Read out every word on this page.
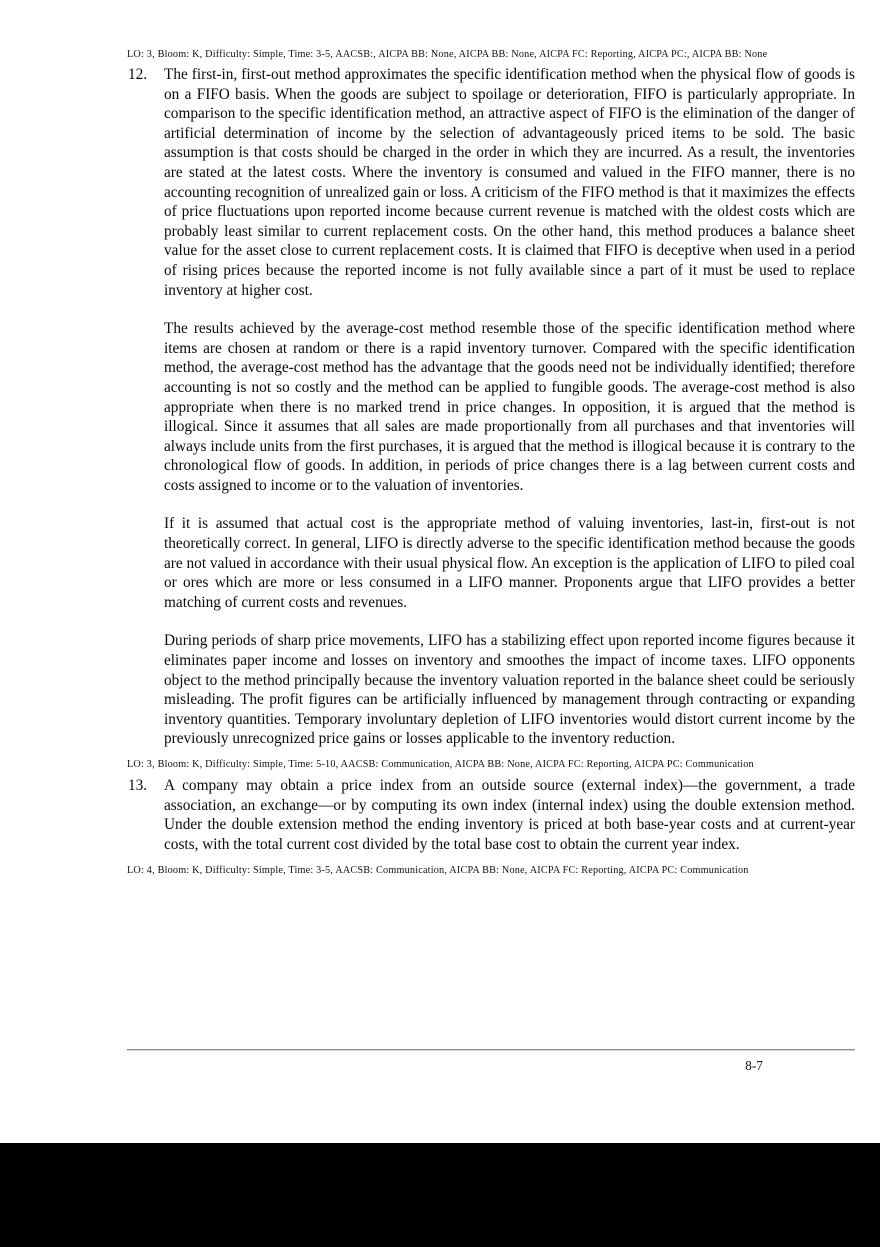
LO: 3, Bloom: K, Difficulty: Simple, Time: 3-5, AACSB:, AICPA BB: None, AICPA BB: None, AICPA FC: Reporting, AICPA PC:, AICPA BB: None
12.	The first-in, first-out method approximates the specific identification method when the physical flow of goods is on a FIFO basis. When the goods are subject to spoilage or deterioration, FIFO is particularly appropriate. In comparison to the specific identification method, an attractive aspect of FIFO is the elimination of the danger of artificial determination of income by the selection of advantageously priced items to be sold. The basic assumption is that costs should be charged in the order in which they are incurred. As a result, the inventories are stated at the latest costs. Where the inventory is consumed and valued in the FIFO manner, there is no accounting recognition of unrealized gain or loss. A criticism of the FIFO method is that it maximizes the effects of price fluctuations upon reported income because current revenue is matched with the oldest costs which are probably least similar to current replacement costs. On the other hand, this method produces a balance sheet value for the asset close to current replacement costs. It is claimed that FIFO is deceptive when used in a period of rising prices because the reported income is not fully available since a part of it must be used to replace inventory at higher cost.

The results achieved by the average-cost method resemble those of the specific identification method where items are chosen at random or there is a rapid inventory turnover. Compared with the specific identification method, the average-cost method has the advantage that the goods need not be individually identified; therefore accounting is not so costly and the method can be applied to fungible goods. The average-cost method is also appropriate when there is no marked trend in price changes. In opposition, it is argued that the method is illogical. Since it assumes that all sales are made proportionally from all purchases and that inventories will always include units from the first purchases, it is argued that the method is illogical because it is contrary to the chronological flow of goods. In addition, in periods of price changes there is a lag between current costs and costs assigned to income or to the valuation of inventories.

If it is assumed that actual cost is the appropriate method of valuing inventories, last-in, first-out is not theoretically correct. In general, LIFO is directly adverse to the specific identification method because the goods are not valued in accordance with their usual physical flow. An exception is the application of LIFO to piled coal or ores which are more or less consumed in a LIFO manner. Proponents argue that LIFO provides a better matching of current costs and revenues.

During periods of sharp price movements, LIFO has a stabilizing effect upon reported income figures because it eliminates paper income and losses on inventory and smoothes the impact of income taxes. LIFO opponents object to the method principally because the inventory valuation reported in the balance sheet could be seriously misleading. The profit figures can be artificially influenced by management through contracting or expanding inventory quantities. Temporary involuntary depletion of LIFO inventories would distort current income by the previously unrecognized price gains or losses applicable to the inventory reduction.

LO: 3, Bloom: K, Difficulty: Simple, Time: 5-10, AACSB: Communication, AICPA BB: None, AICPA FC: Reporting, AICPA PC: Communication
13.	A company may obtain a price index from an outside source (external index)—the government, a trade association, an exchange—or by computing its own index (internal index) using the double extension method. Under the double extension method the ending inventory is priced at both base-year costs and at current-year costs, with the total current cost divided by the total base cost to obtain the current year index.

LO: 4, Bloom: K, Difficulty: Simple, Time: 3-5, AACSB: Communication, AICPA BB: None, AICPA FC: Reporting, AICPA PC: Communication
8-7
